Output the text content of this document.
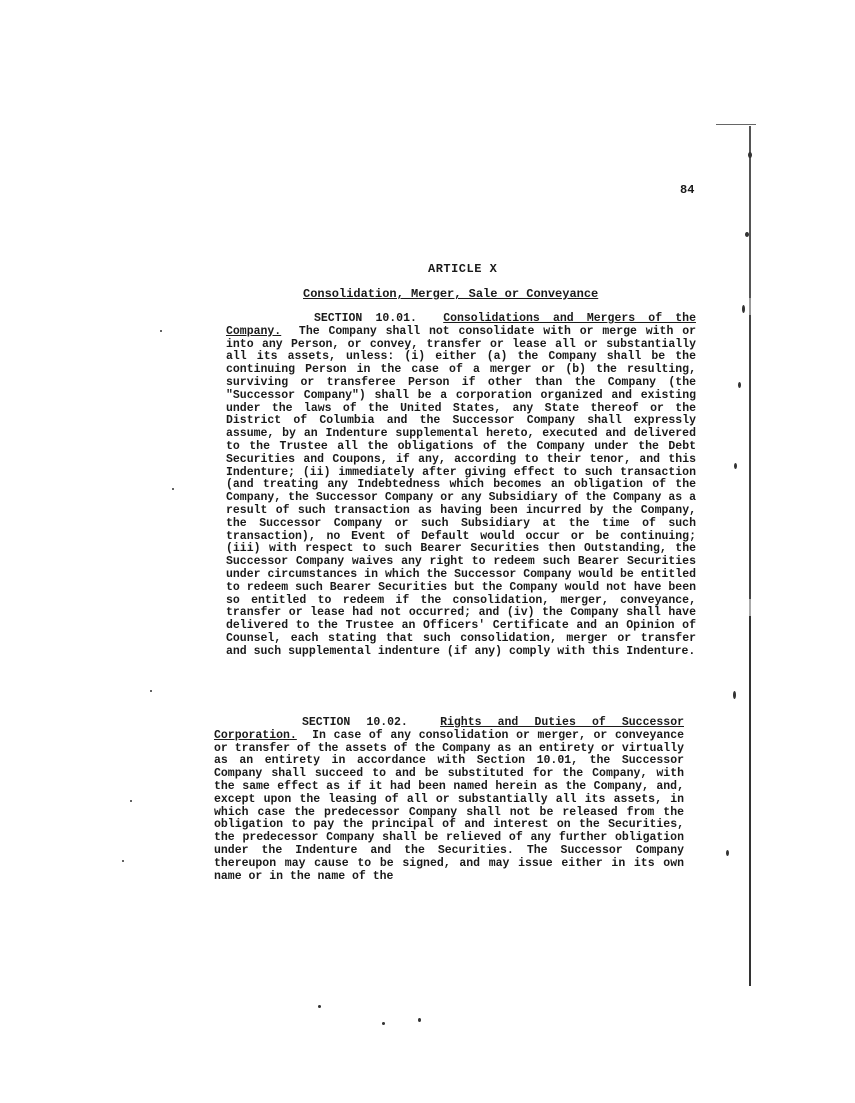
84
ARTICLE X
Consolidation, Merger, Sale or Conveyance
SECTION 10.01. Consolidations and Mergers of the Company. The Company shall not consolidate with or merge with or into any Person, or convey, transfer or lease all or substantially all its assets, unless: (i) either (a) the Company shall be the continuing Person in the case of a merger or (b) the resulting, surviving or transferee Person if other than the Company (the "Successor Company") shall be a corporation organized and existing under the laws of the United States, any State thereof or the District of Columbia and the Successor Company shall expressly assume, by an Indenture supplemental hereto, executed and delivered to the Trustee all the obligations of the Company under the Debt Securities and Coupons, if any, according to their tenor, and this Indenture; (ii) immediately after giving effect to such transaction (and treating any Indebtedness which becomes an obligation of the Company, the Successor Company or any Subsidiary of the Company as a result of such transaction as having been incurred by the Company, the Successor Company or such Subsidiary at the time of such transaction), no Event of Default would occur or be continuing; (iii) with respect to such Bearer Securities then Outstanding, the Successor Company waives any right to redeem such Bearer Securities under circumstances in which the Successor Company would be entitled to redeem such Bearer Securities but the Company would not have been so entitled to redeem if the consolidation, merger, conveyance, transfer or lease had not occurred; and (iv) the Company shall have delivered to the Trustee an Officers' Certificate and an Opinion of Counsel, each stating that such consolidation, merger or transfer and such supplemental indenture (if any) comply with this Indenture.
SECTION 10.02.	Rights and Duties of Successor Corporation. In case of any consolidation or merger, or conveyance or transfer of the assets of the Company as an entirety or virtually as an entirety in accordance with Section 10.01, the Successor Company shall succeed to and be substituted for the Company, with the same effect as if it had been named herein as the Company, and, except upon the leasing of all or substantially all its assets, in which case the predecessor Company shall not be released from the obligation to pay the principal of and interest on the Securities, the predecessor Company shall be relieved of any further obligation under the Indenture and the Securities. The Successor Company thereupon may cause to be signed, and may issue either in its own name or in the name of the
